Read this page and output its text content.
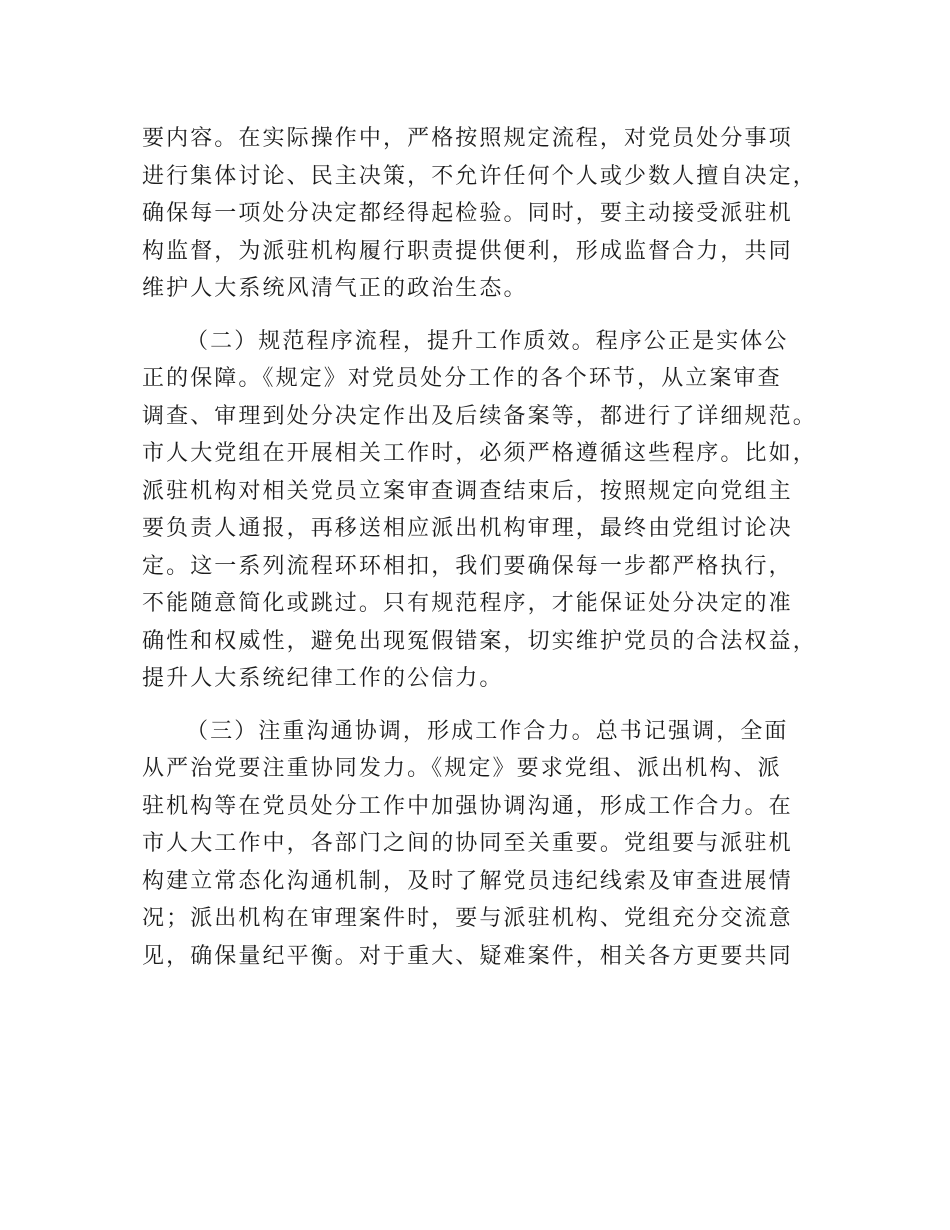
要内容。在实际操作中，严格按照规定流程，对党员处分事项
进行集体讨论、民主决策，不允许任何个人或少数人擅自决定，
确保每一项处分决定都经得起检验。同时，要主动接受派驻机
构监督，为派驻机构履行职责提供便利，形成监督合力，共同
维护人大系统风清气正的政治生态。
（二）规范程序流程，提升工作质效。程序公正是实体公
正的保障。《规定》对党员处分工作的各个环节，从立案审查
调查、审理到处分决定作出及后续备案等，都进行了详细规范。
市人大党组在开展相关工作时，必须严格遵循这些程序。比如，
派驻机构对相关党员立案审查调查结束后，按照规定向党组主
要负责人通报，再移送相应派出机构审理，最终由党组讨论决
定。这一系列流程环环相扣，我们要确保每一步都严格执行，
不能随意简化或跳过。只有规范程序，才能保证处分决定的准
确性和权威性，避免出现冤假错案，切实维护党员的合法权益，
提升人大系统纪律工作的公信力。
（三）注重沟通协调，形成工作合力。总书记强调，全面
从严治党要注重协同发力。《规定》要求党组、派出机构、派
驻机构等在党员处分工作中加强协调沟通，形成工作合力。在
市人大工作中，各部门之间的协同至关重要。党组要与派驻机
构建立常态化沟通机制，及时了解党员违纪线索及审查进展情
况；派出机构在审理案件时，要与派驻机构、党组充分交流意
见，确保量纪平衡。对于重大、疑难案件，相关各方更要共同
